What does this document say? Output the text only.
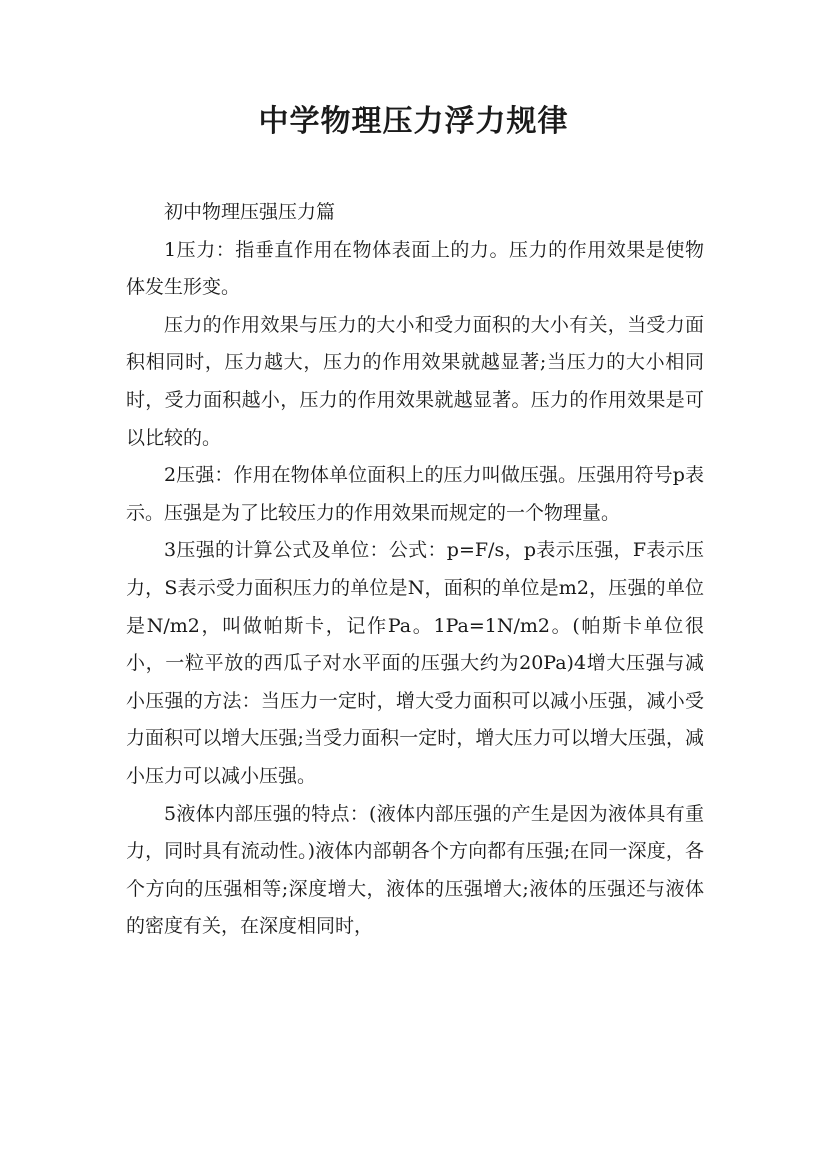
中学物理压力浮力规律

初中物理压强压力篇

1压力：指垂直作用在物体表面上的力。压力的作用效果是使物体发生形变。

压力的作用效果与压力的大小和受力面积的大小有关，当受力面积相同时，压力越大，压力的作用效果就越显著;当压力的大小相同时，受力面积越小，压力的作用效果就越显著。压力的作用效果是可以比较的。

2压强：作用在物体单位面积上的压力叫做压强。压强用符号p表示。压强是为了比较压力的作用效果而规定的一个物理量。

3压强的计算公式及单位：公式：p=F/s，p表示压强，F表示压力，S表示受力面积压力的单位是N，面积的单位是m2，压强的单位是N/m2，叫做帕斯卡，记作Pa。1Pa=1N/m2。(帕斯卡单位很小，一粒平放的西瓜子对水平面的压强大约为20Pa)4增大压强与减小压强的方法：当压力一定时，增大受力面积可以减小压强，减小受力面积可以增大压强;当受力面积一定时，增大压力可以增大压强，减小压力可以减小压强。

5液体内部压强的特点：(液体内部压强的产生是因为液体具有重力，同时具有流动性。)液体内部朝各个方向都有压强;在同一深度，各个方向的压强相等;深度增大，液体的压强增大;液体的压强还与液体的密度有关，在深度相同时，
